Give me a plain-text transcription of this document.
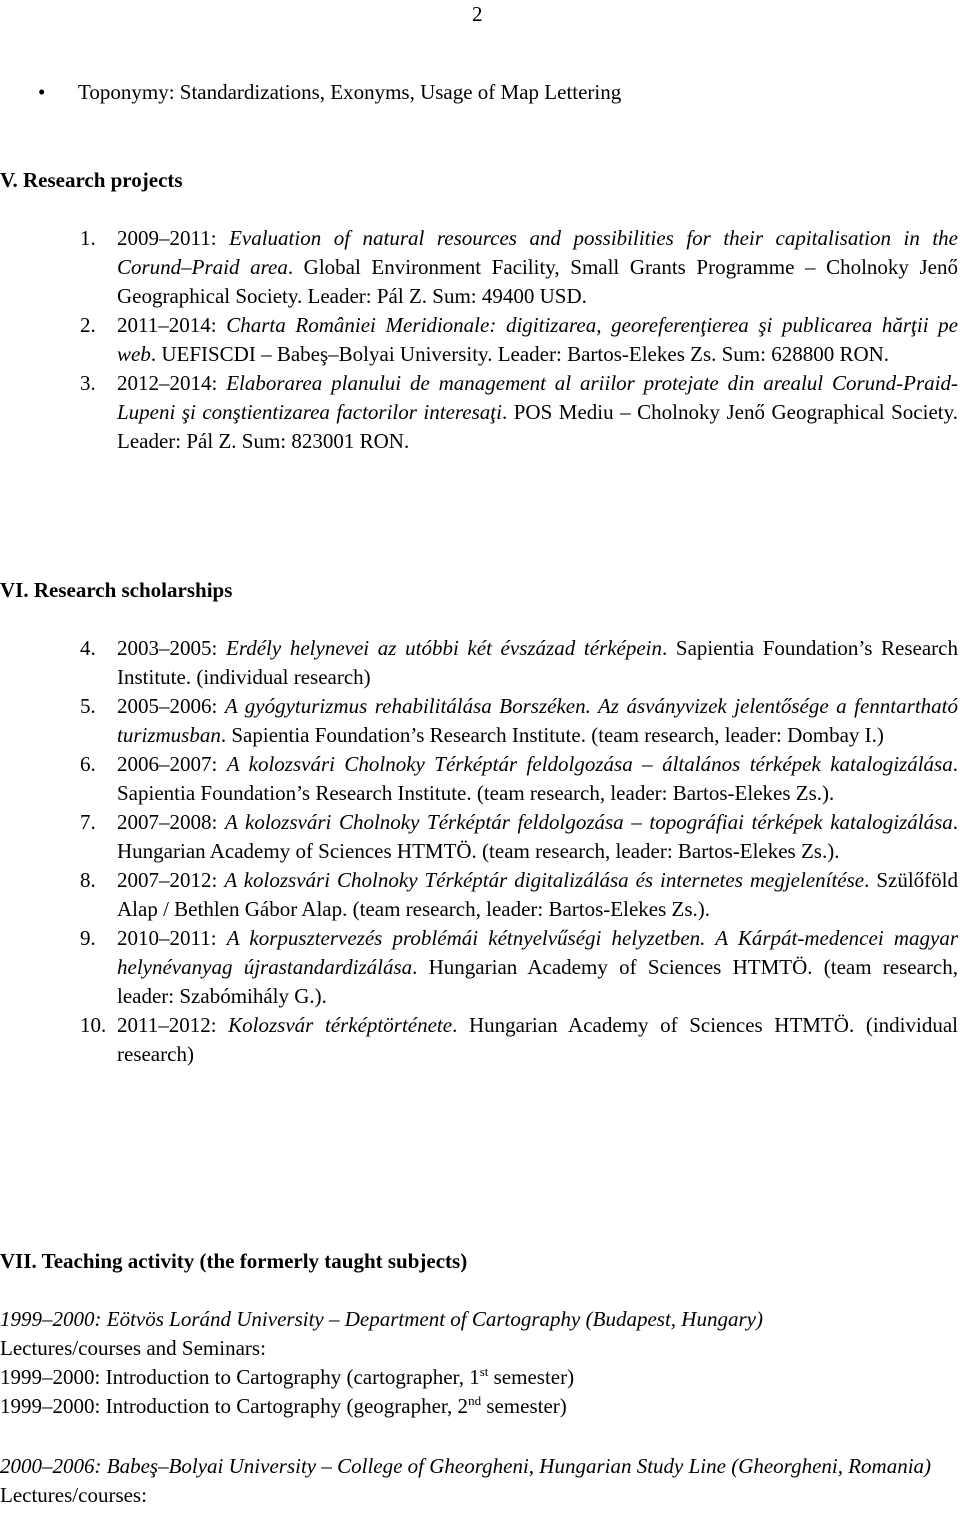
2
• Toponymy: Standardizations, Exonyms, Usage of Map Lettering
V. Research projects
1. 2009–2011: Evaluation of natural resources and possibilities for their capitalisation in the Corund–Praid area. Global Environment Facility, Small Grants Programme – Cholnoky Jenő Geographical Society. Leader: Pál Z. Sum: 49400 USD.
2. 2011–2014: Charta României Meridionale: digitizarea, georeferenţierea şi publicarea hărţii pe web. UEFISCDI – Babeş–Bolyai University. Leader: Bartos-Elekes Zs. Sum: 628800 RON.
3. 2012–2014: Elaborarea planului de management al ariilor protejate din arealul Corund-Praid-Lupeni şi conştientizarea factorilor interesaţi. POS Mediu – Cholnoky Jenő Geographical Society. Leader: Pál Z. Sum: 823001 RON.
VI. Research scholarships
4. 2003–2005: Erdély helynevei az utóbbi két évszázad térképein. Sapientia Foundation’s Research Institute. (individual research)
5. 2005–2006: A gyógyturizmus rehabilitálása Borszéken. Az ásványvizek jelentősége a fenntartható turizmusban. Sapientia Foundation’s Research Institute. (team research, leader: Dombay I.)
6. 2006–2007: A kolozsvári Cholnoky Térképtár feldolgozása – általános térképek katalogizálása. Sapientia Foundation’s Research Institute. (team research, leader: Bartos-Elekes Zs.).
7. 2007–2008: A kolozsvári Cholnoky Térképtár feldolgozása – topográfiai térképek katalogizálása. Hungarian Academy of Sciences HTMTÖ. (team research, leader: Bartos-Elekes Zs.).
8. 2007–2012: A kolozsvári Cholnoky Térképtár digitalizálása és internetes megjelenítése. Szülőföld Alap / Bethlen Gábor Alap. (team research, leader: Bartos-Elekes Zs.).
9. 2010–2011: A korpusztervezés problémái kétnyelvűségi helyzetben. A Kárpát-medencei magyar helynévanyag újrastandardizálása. Hungarian Academy of Sciences HTMTÖ. (team research, leader: Szabómihály G.).
10. 2011–2012: Kolozsvár térképtörténete. Hungarian Academy of Sciences HTMTÖ. (individual research)
VII. Teaching activity (the formerly taught subjects)
1999–2000: Eötvös Loránd University – Department of Cartography (Budapest, Hungary)
Lectures/courses and Seminars:
1999–2000: Introduction to Cartography (cartographer, 1st semester)
1999–2000: Introduction to Cartography (geographer, 2nd semester)
2000–2006: Babeş–Bolyai University – College of Gheorgheni, Hungarian Study Line (Gheorgheni, Romania)
Lectures/courses:
